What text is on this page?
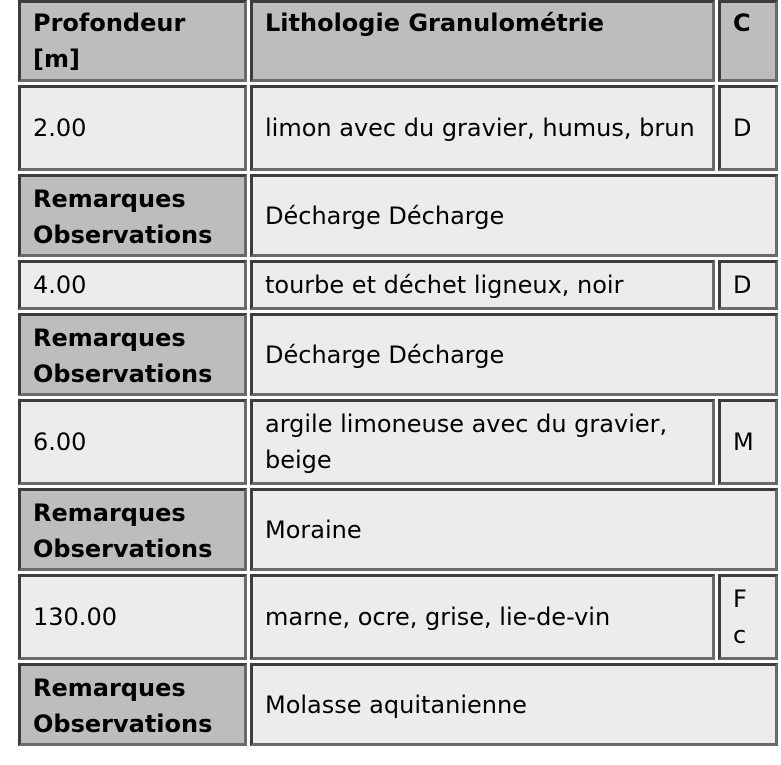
Profondeur [m]	Lithologie Granulométrie	C
2.00	limon avec du gravier, humus, brun	D
Remarques Observations	Décharge Décharge	
4.00	tourbe et déchet ligneux, noir	D
Remarques Observations	Décharge Décharge	
6.00	argile limoneuse avec du gravier, beige	M
Remarques Observations	Moraine	
130.00	marne, ocre, grise, lie-de-vin	F c
Remarques Observations	Molasse aquitanienne	
